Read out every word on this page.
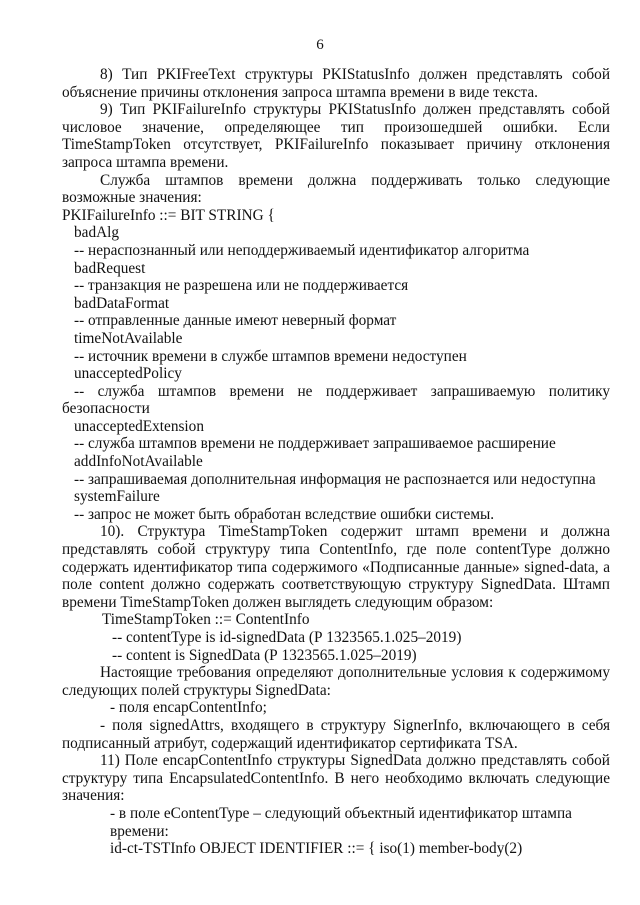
6

8) Тип PKIFreeText структуры PKIStatusInfo должен представлять собой объяснение причины отклонения запроса штампа времени в виде текста.

9) Тип PKIFailureInfo структуры PKIStatusInfo должен представлять собой числовое значение, определяющее тип произошедшей ошибки. Если TimeStampToken отсутствует, PKIFailureInfo показывает причину отклонения запроса штампа времени.

Служба штампов времени должна поддерживать только следующие возможные значения:

PKIFailureInfo ::= BIT STRING {

badAlg

-- нераспознанный или неподдерживаемый идентификатор алгоритма

badRequest

-- транзакция не разрешена или не поддерживается

badDataFormat

-- отправленные данные имеют неверный формат

timeNotAvailable

-- источник времени в службе штампов времени недоступен

unacceptedPolicy

-- служба штампов времени не поддерживает запрашиваемую политику безопасности

unacceptedExtension

-- служба штампов времени не поддерживает запрашиваемое расширение

addInfoNotAvailable

-- запрашиваемая дополнительная информация не распознается или недоступна

systemFailure

-- запрос не может быть обработан вследствие ошибки системы.

10). Структура TimeStampToken содержит штамп времени и должна представлять собой структуру типа ContentInfo, где поле contentType должно содержать идентификатор типа содержимого «Подписанные данные» signed-data, а поле content должно содержать соответствующую структуру SignedData. Штамп времени TimeStampToken должен выглядеть следующим образом:

TimeStampToken ::= ContentInfo

-- contentType is id-signedData (Р 1323565.1.025–2019)

-- content is SignedData (Р 1323565.1.025–2019)

Настоящие требования определяют дополнительные условия к содержимому следующих полей структуры SignedData:

- поля encapContentInfo;

- поля signedAttrs, входящего в структуру SignerInfo, включающего в себя подписанный атрибут, содержащий идентификатор сертификата TSA.

11) Поле encapContentInfo структуры SignedData должно представлять собой структуру типа EncapsulatedContentInfo. В него необходимо включать следующие значения:

- в поле eContentType – следующий объектный идентификатор штампа времени:

id-ct-TSTInfo OBJECT IDENTIFIER ::= { iso(1) member-body(2)
